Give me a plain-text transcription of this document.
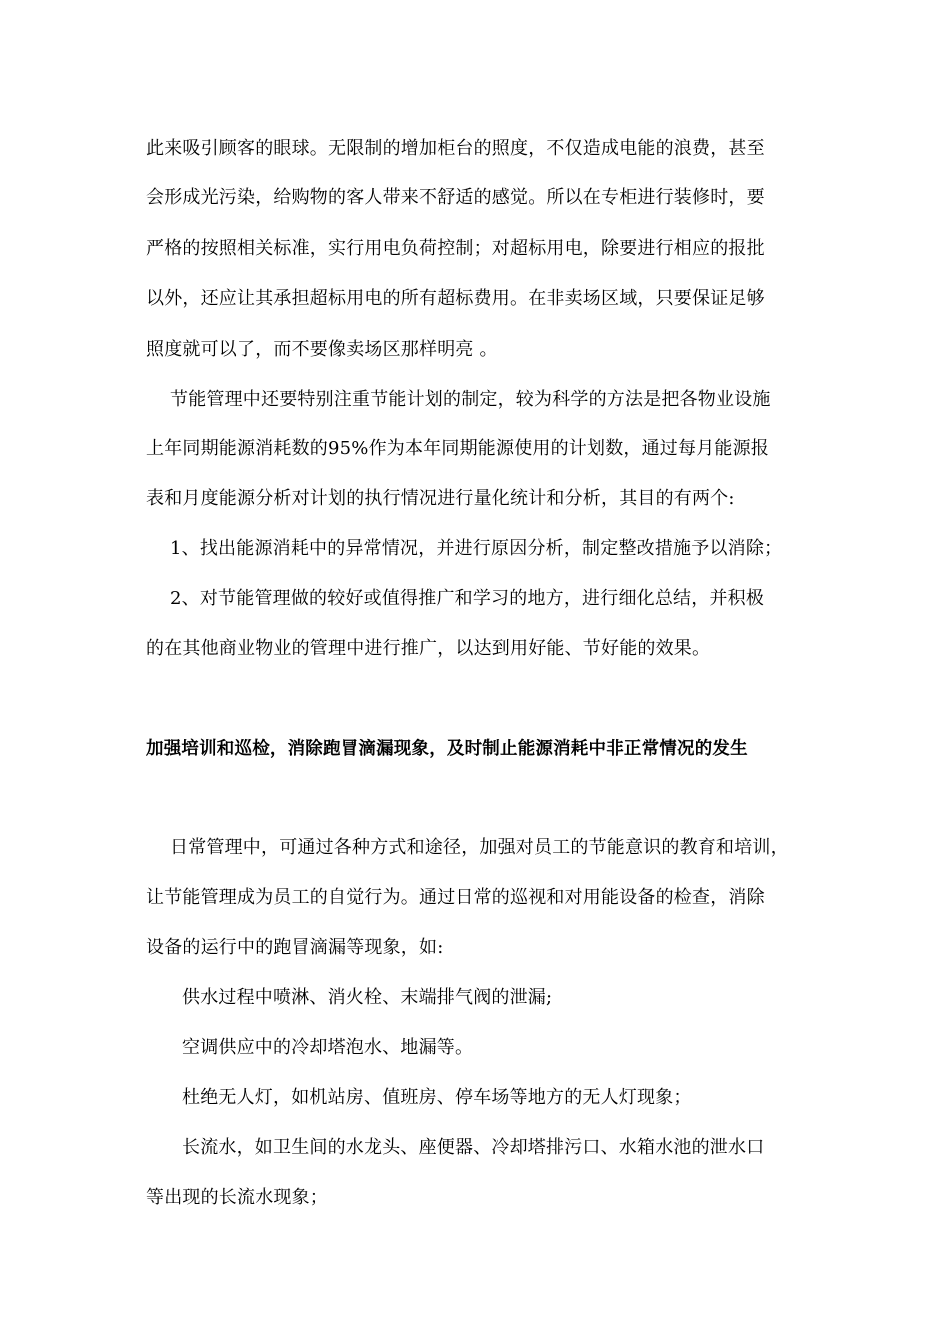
此来吸引顾客的眼球。无限制的增加柜台的照度，不仅造成电能的浪费，甚至
会形成光污染，给购物的客人带来不舒适的感觉。所以在专柜进行装修时，要
严格的按照相关标准，实行用电负荷控制；对超标用电，除要进行相应的报批
以外，还应让其承担超标用电的所有超标费用。在非卖场区域，只要保证足够
照度就可以了，而不要像卖场区那样明亮 。
节能管理中还要特别注重节能计划的制定，较为科学的方法是把各物业设施
上年同期能源消耗数的95%作为本年同期能源使用的计划数，通过每月能源报
表和月度能源分析对计划的执行情况进行量化统计和分析，其目的有两个:
1、找出能源消耗中的异常情况，并进行原因分析，制定整改措施予以消除；
2、对节能管理做的较好或值得推广和学习的地方，进行细化总结，并积极
的在其他商业物业的管理中进行推广，以达到用好能、节好能的效果。
加强培训和巡检，消除跑冒滴漏现象，及时制止能源消耗中非正常情况的发生
日常管理中，可通过各种方式和途径，加强对员工的节能意识的教育和培训，
让节能管理成为员工的自觉行为。通过日常的巡视和对用能设备的检查，消除
设备的运行中的跑冒滴漏等现象，如:
供水过程中喷淋、消火栓、末端排气阀的泄漏;
空调供应中的冷却塔泡水、地漏等。
杜绝无人灯，如机站房、值班房、停车场等地方的无人灯现象；
长流水，如卫生间的水龙头、座便器、冷却塔排污口、水箱水池的泄水口
等出现的长流水现象；
